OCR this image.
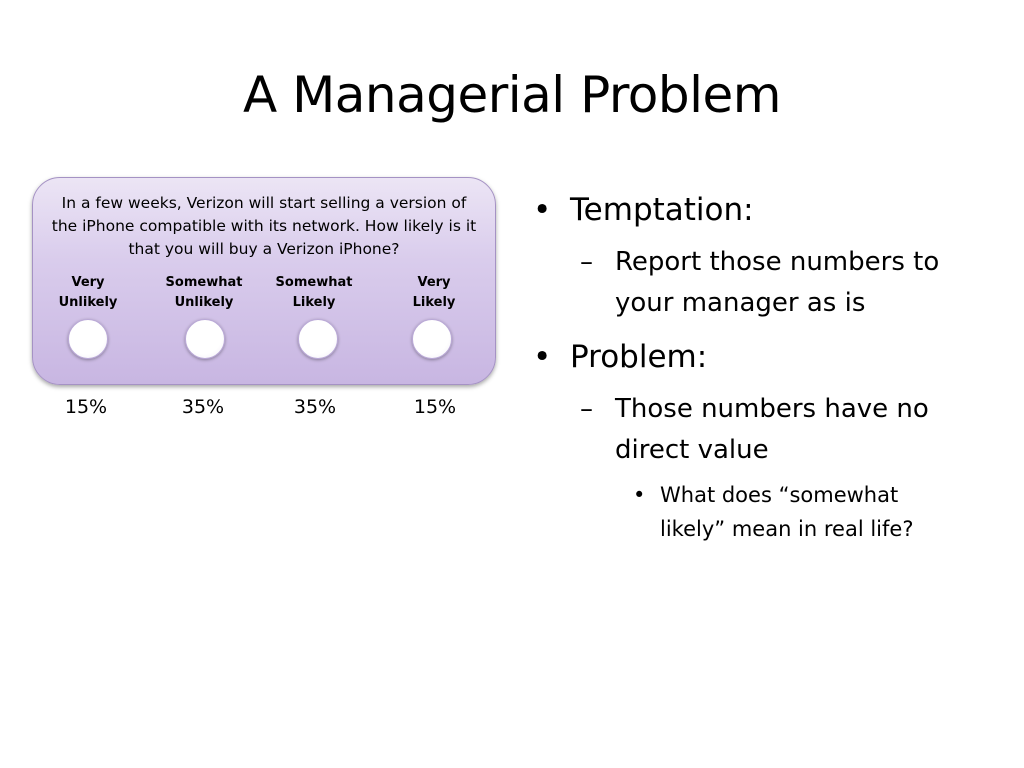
A Managerial Problem
In a few weeks, Verizon will start selling a version of the iPhone compatible with its network. How likely is it that you will buy a Verizon iPhone?
Very
Unlikely
15%
Somewhat
Unlikely
35%
Somewhat
Likely
35%
Very
Likely
15%
• Temptation:
– Report those numbers to
your manager as is
• Problem:
– Those numbers have no
direct value
• What does “somewhat
likely” mean in real life?
